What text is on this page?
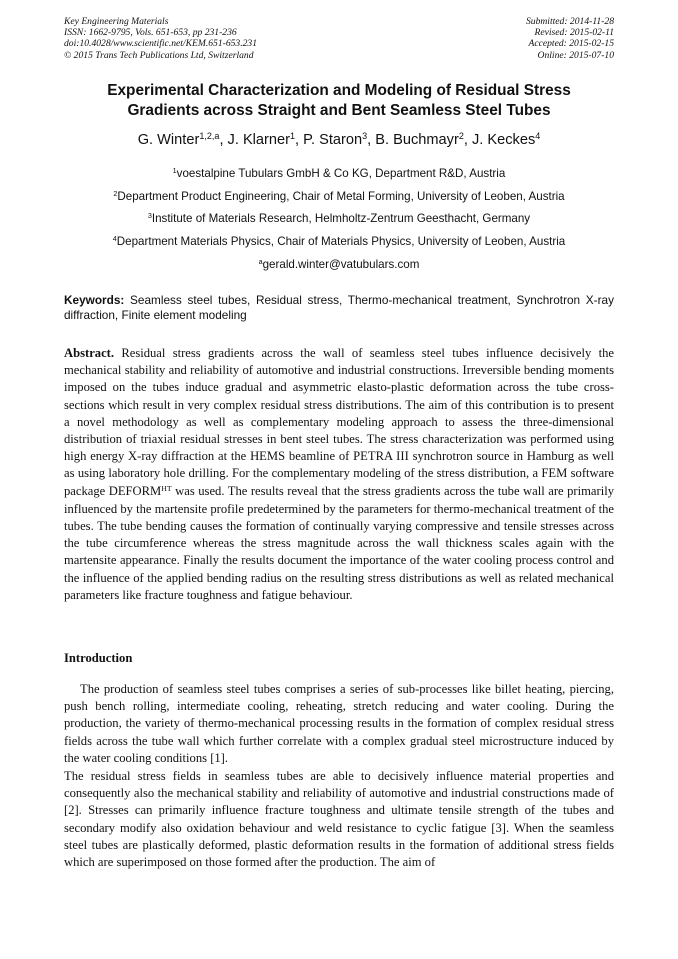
Key Engineering Materials
ISSN: 1662-9795, Vols. 651-653, pp 231-236
doi:10.4028/www.scientific.net/KEM.651-653.231
© 2015 Trans Tech Publications Ltd, Switzerland
Submitted: 2014-11-28
Revised: 2015-02-11
Accepted: 2015-02-15
Online: 2015-07-10
Experimental Characterization and Modeling of Residual Stress
Gradients across Straight and Bent Seamless Steel Tubes
G. Winter$^{1,2,a}$, J. Klarner$^1$, P. Staron$^3$, B. Buchmayr$^2$, J. Keckes$^4$
$^1$voestalpine Tubulars GmbH & Co KG, Department R&D, Austria
$^2$Department Product Engineering, Chair of Metal Forming, University of Leoben, Austria
$^3$Institute of Materials Research, Helmholtz-Zentrum Geesthacht, Germany
$^4$Department Materials Physics, Chair of Materials Physics, University of Leoben, Austria
$^a$gerald.winter@vatubulars.com
Keywords: Seamless steel tubes, Residual stress, Thermo-mechanical treatment, Synchrotron X-ray diffraction, Finite element modeling

Abstract. Residual stress gradients across the wall of seamless steel tubes influence decisively the mechanical stability and reliability of automotive and industrial constructions. Irreversible bending moments imposed on the tubes induce gradual and asymmetric elasto-plastic deformation across the tube cross-sections which result in very complex residual stress distributions. The aim of this contribution is to present a novel methodology as well as complementary modeling approach to assess the three-dimensional distribution of triaxial residual stresses in bent steel tubes. The stress characterization was performed using high energy X-ray diffraction at the HEMS beamline of PETRA III synchrotron source in Hamburg as well as using laboratory hole drilling. For the complementary modeling of the stress distribution, a FEM software package $DEFORM^{HT}$ was used. The results reveal that the stress gradients across the tube wall are primarily influenced by the martensite profile predetermined by the parameters for thermo-mechanical treatment of the tubes. The tube bending causes the formation of continually varying compressive and tensile stresses across the tube circumference whereas the stress magnitude across the wall thickness scales again with the martensite appearance. Finally the results document the importance of the water cooling process control and the influence of the applied bending radius on the resulting stress distributions as well as related mechanical parameters like fracture toughness and fatigue behaviour.

Introduction

The production of seamless steel tubes comprises a series of sub-processes like billet heating, piercing, push bench rolling, intermediate cooling, reheating, stretch reducing and water cooling. During the production, the variety of thermo-mechanical processing results in the formation of complex residual stress fields across the tube wall which further correlate with a complex gradual steel microstructure induced by the water cooling conditions [1].

The residual stress fields in seamless tubes are able to decisively influence material properties and consequently also the mechanical stability and reliability of automotive and industrial constructions made of [2]. Stresses can primarily influence fracture toughness and ultimate tensile strength of the tubes and secondary modify also oxidation behaviour and weld resistance to cyclic fatigue [3]. When the seamless steel tubes are plastically deformed, plastic deformation results in the formation of additional stress fields which are superimposed on those formed after the production. The aim of
